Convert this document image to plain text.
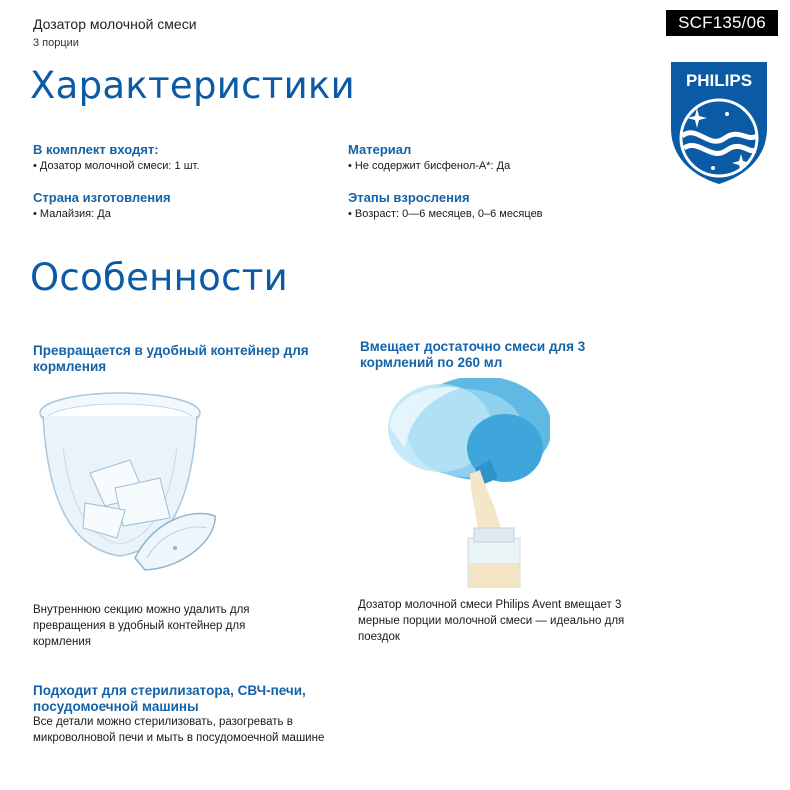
Дозатор молочной смеси
3 порции
SCF135/06
PHILIPS
Характеристики
В комплект входят:
• Дозатор молочной смеси: 1 шт.
Страна изготовления
• Малайзия: Да
Материал
• Не содержит бисфенол-А*: Да
Этапы взросления
• Возраст: 0—6 месяцев, 0–6 месяцев
Особенности
Превращается в удобный контейнер для кормления
Внутреннюю секцию можно удалить для превращения в удобный контейнер для кормления
Вмещает достаточно смеси для 3 кормлений по 260 мл
Дозатор молочной смеси Philips Avent вмещает 3 мерные порции молочной смеси — идеально для поездок
Подходит для стерилизатора, СВЧ-печи, посудомоечной машины
Все детали можно стерилизовать, разогревать в микроволновой печи и мыть в посудомоечной машине
